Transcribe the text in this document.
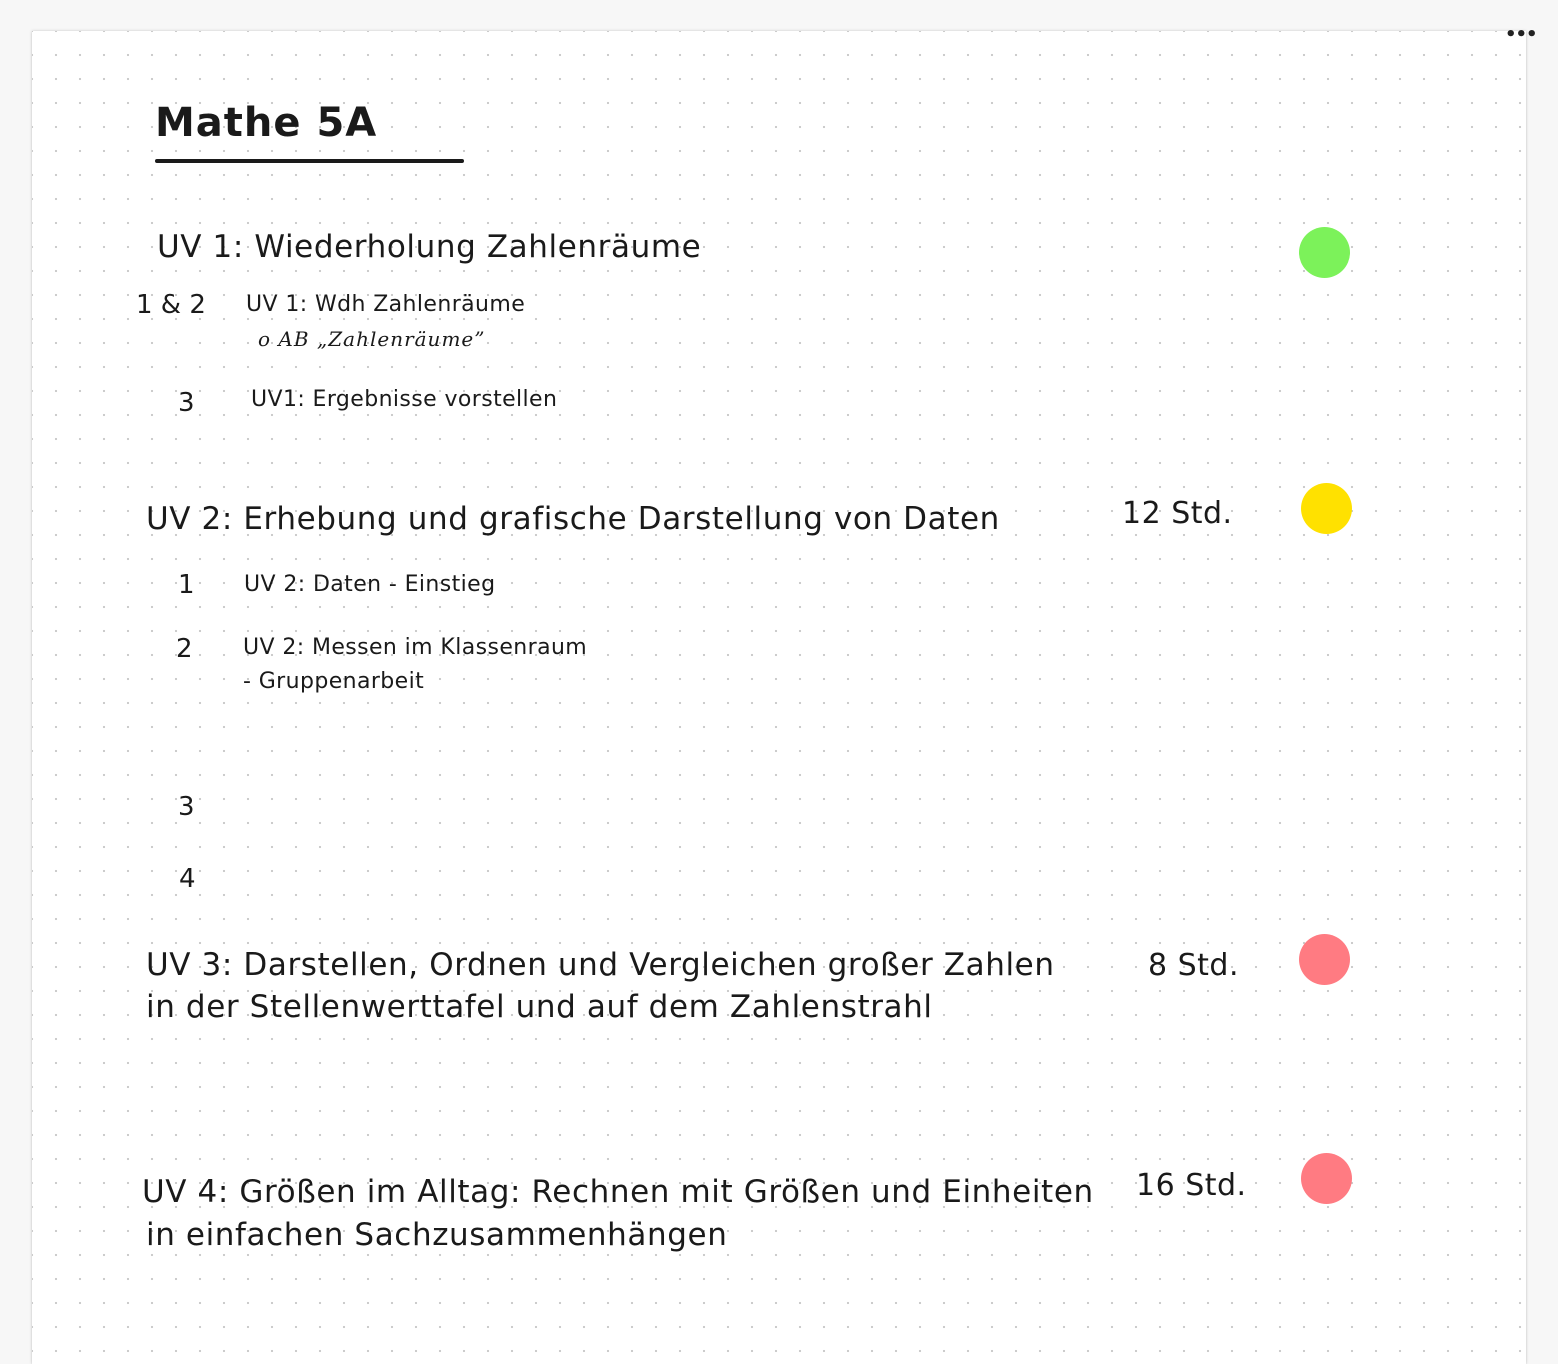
•••
Mathe 5A
UV 1: Wiederholung Zahlenräume
1 & 2 UV 1: Wdh Zahlenräume
o AB „Zahlenräume”
3	UV1: Ergebnisse vorstellen
UV 2: Erhebung und grafische Darstellung von Daten	12 Std.
1 UV 2: Daten - Einstieg
2 UV 2: Messen im Klassenraum
- Gruppenarbeit
3
4
UV 3: Darstellen, Ordnen und Vergleichen großer Zahlen
in der Stellenwerttafel und auf dem Zahlenstrahl
8 Std.
UV 4: Größen im Alltag: Rechnen mit Größen und Einheiten
in einfachen Sachzusammenhängen
16 Std.
